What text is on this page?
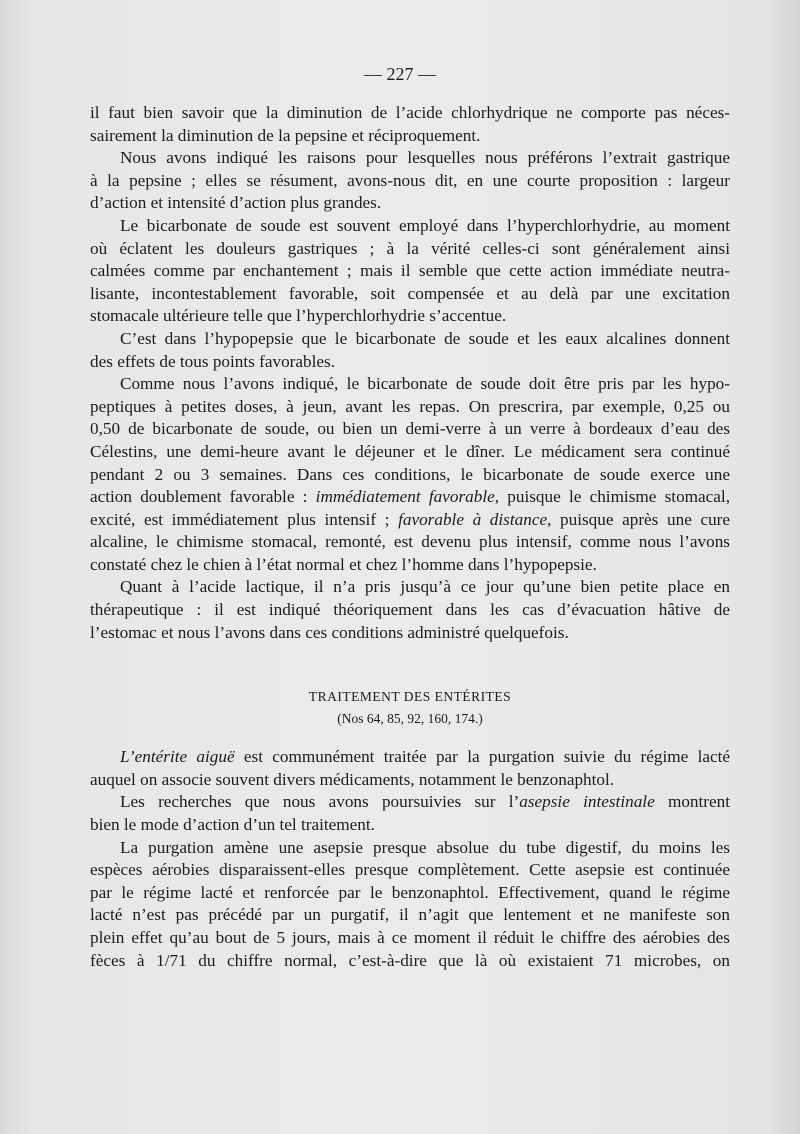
— 227 —
il faut bien savoir que la diminution de l’acide chlorhydrique ne comporte pas néces-
sairement la diminution de la pepsine et réciproquement.
Nous avons indiqué les raisons pour lesquelles nous préférons l’extrait gastrique
à la pepsine ; elles se résument, avons-nous dit, en une courte proposition : largeur
d’action et intensité d’action plus grandes.
Le bicarbonate de soude est souvent employé dans l’hyperchlorhydrie, au moment
où éclatent les douleurs gastriques ; à la vérité celles-ci sont généralement ainsi
calmées comme par enchantement ; mais il semble que cette action immédiate neutra-
lisante, incontestablement favorable, soit compensée et au delà par une excitation
stomacale ultérieure telle que l’hyperchlorhydrie s’accentue.
C’est dans l’hypopepsie que le bicarbonate de soude et les eaux alcalines donnent
des effets de tous points favorables.
Comme nous l’avons indiqué, le bicarbonate de soude doit être pris par les hypo-
peptiques à petites doses, à jeun, avant les repas. On prescrira, par exemple, 0,25 ou
0,50 de bicarbonate de soude, ou bien un demi-verre à un verre à bordeaux d’eau des
Célestins, une demi-heure avant le déjeuner et le dîner. Le médicament sera continué
pendant 2 ou 3 semaines. Dans ces conditions, le bicarbonate de soude exerce une
action doublement favorable : immédiatement favorable, puisque le chimisme stomacal,
excité, est immédiatement plus intensif ; favorable à distance, puisque après une cure
alcaline, le chimisme stomacal, remonté, est devenu plus intensif, comme nous l’avons
constaté chez le chien à l’état normal et chez l’homme dans l’hypopepsie.
Quant à l’acide lactique, il n’a pris jusqu’à ce jour qu’une bien petite place en
thérapeutique : il est indiqué théoriquement dans les cas d’évacuation hâtive de
l’estomac et nous l’avons dans ces conditions administré quelquefois.
TRAITEMENT DES ENTÉRITES
(Nos 64, 85, 92, 160, 174.)
L’entérite aiguë est communément traitée par la purgation suivie du régime lacté
auquel on associe souvent divers médicaments, notamment le benzonaphtol.
Les recherches que nous avons poursuivies sur l’asepsie intestinale montrent
bien le mode d’action d’un tel traitement.
La purgation amène une asepsie presque absolue du tube digestif, du moins les
espèces aérobies disparaissent-elles presque complètement. Cette asepsie est continuée
par le régime lacté et renforcée par le benzonaphtol. Effectivement, quand le régime
lacté n’est pas précédé par un purgatif, il n’agit que lentement et ne manifeste son
plein effet qu’au bout de 5 jours, mais à ce moment il réduit le chiffre des aérobies des
fèces à 1/71 du chiffre normal, c’est-à-dire que là où existaient 71 microbes, on
